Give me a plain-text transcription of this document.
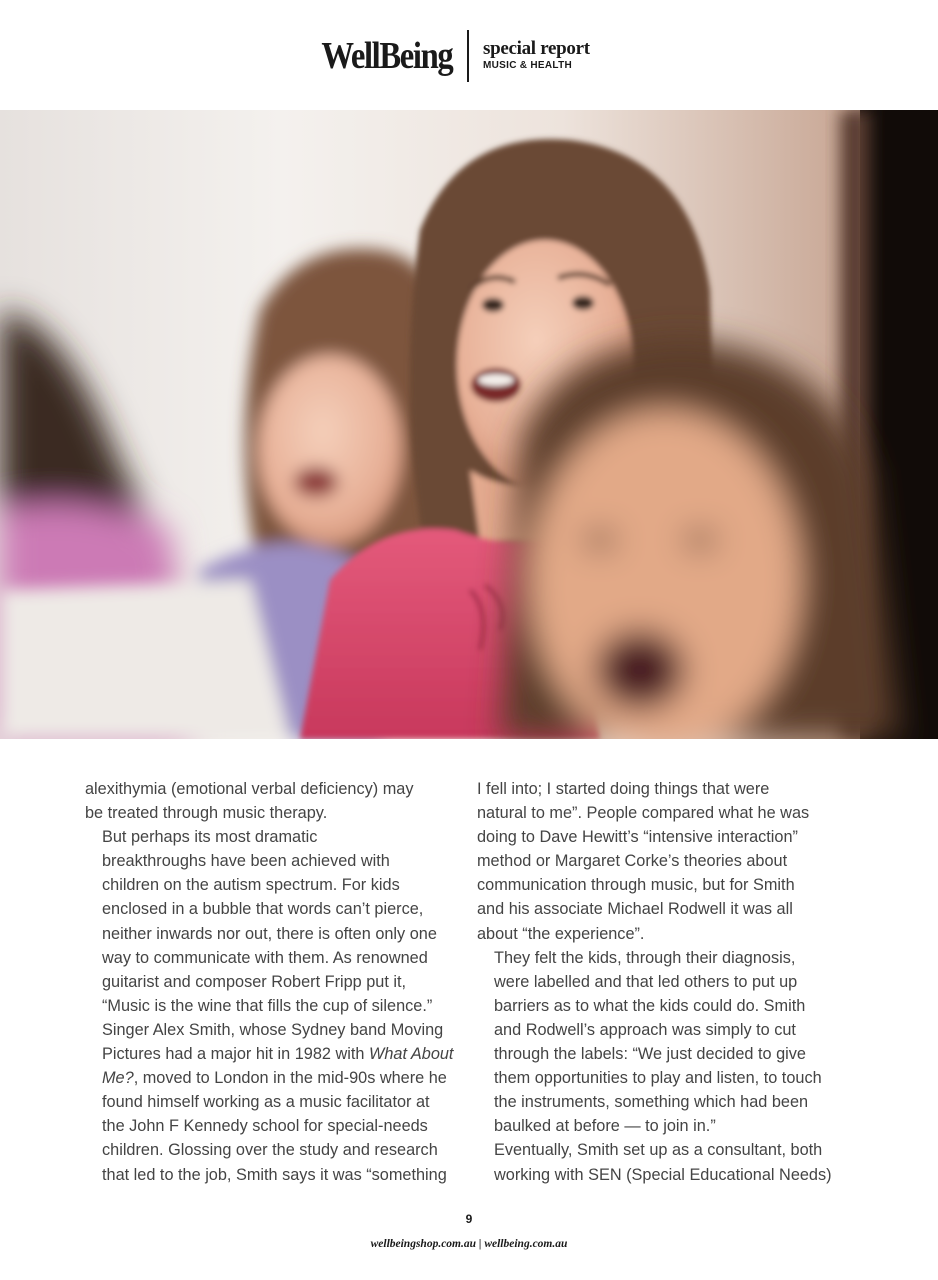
WellBeing special report
MUSIC & HEALTH

alexithymia (emotional verbal deficiency) may
be treated through music therapy.

But perhaps its most dramatic
breakthroughs have been achieved with
children on the autism spectrum. For kids
enclosed in a bubble that words can’t pierce,
neither inwards nor out, there is often only one
way to communicate with them. As renowned
guitarist and composer Robert Fripp put it,
“Music is the wine that fills the cup of silence.”

Singer Alex Smith, whose Sydney band Moving
Pictures had a major hit in 1982 with What About
Me?, moved to London in the mid-90s where he
found himself working as a music facilitator at
the John F Kennedy school for special-needs
children. Glossing over the study and research
that led to the job, Smith says it was “something

I fell into; I started doing things that were
natural to me”. People compared what he was
doing to Dave Hewitt’s “intensive interaction”
method or Margaret Corke’s theories about
communication through music, but for Smith
and his associate Michael Rodwell it was all
about “the experience”.

They felt the kids, through their diagnosis,
were labelled and that led others to put up
barriers as to what the kids could do. Smith
and Rodwell’s approach was simply to cut
through the labels: “We just decided to give
them opportunities to play and listen, to touch
the instruments, something which had been
baulked at before — to join in.”

Eventually, Smith set up as a consultant, both
working with SEN (Special Educational Needs)

9
wellbeingshop.com.au | wellbeing.com.au
